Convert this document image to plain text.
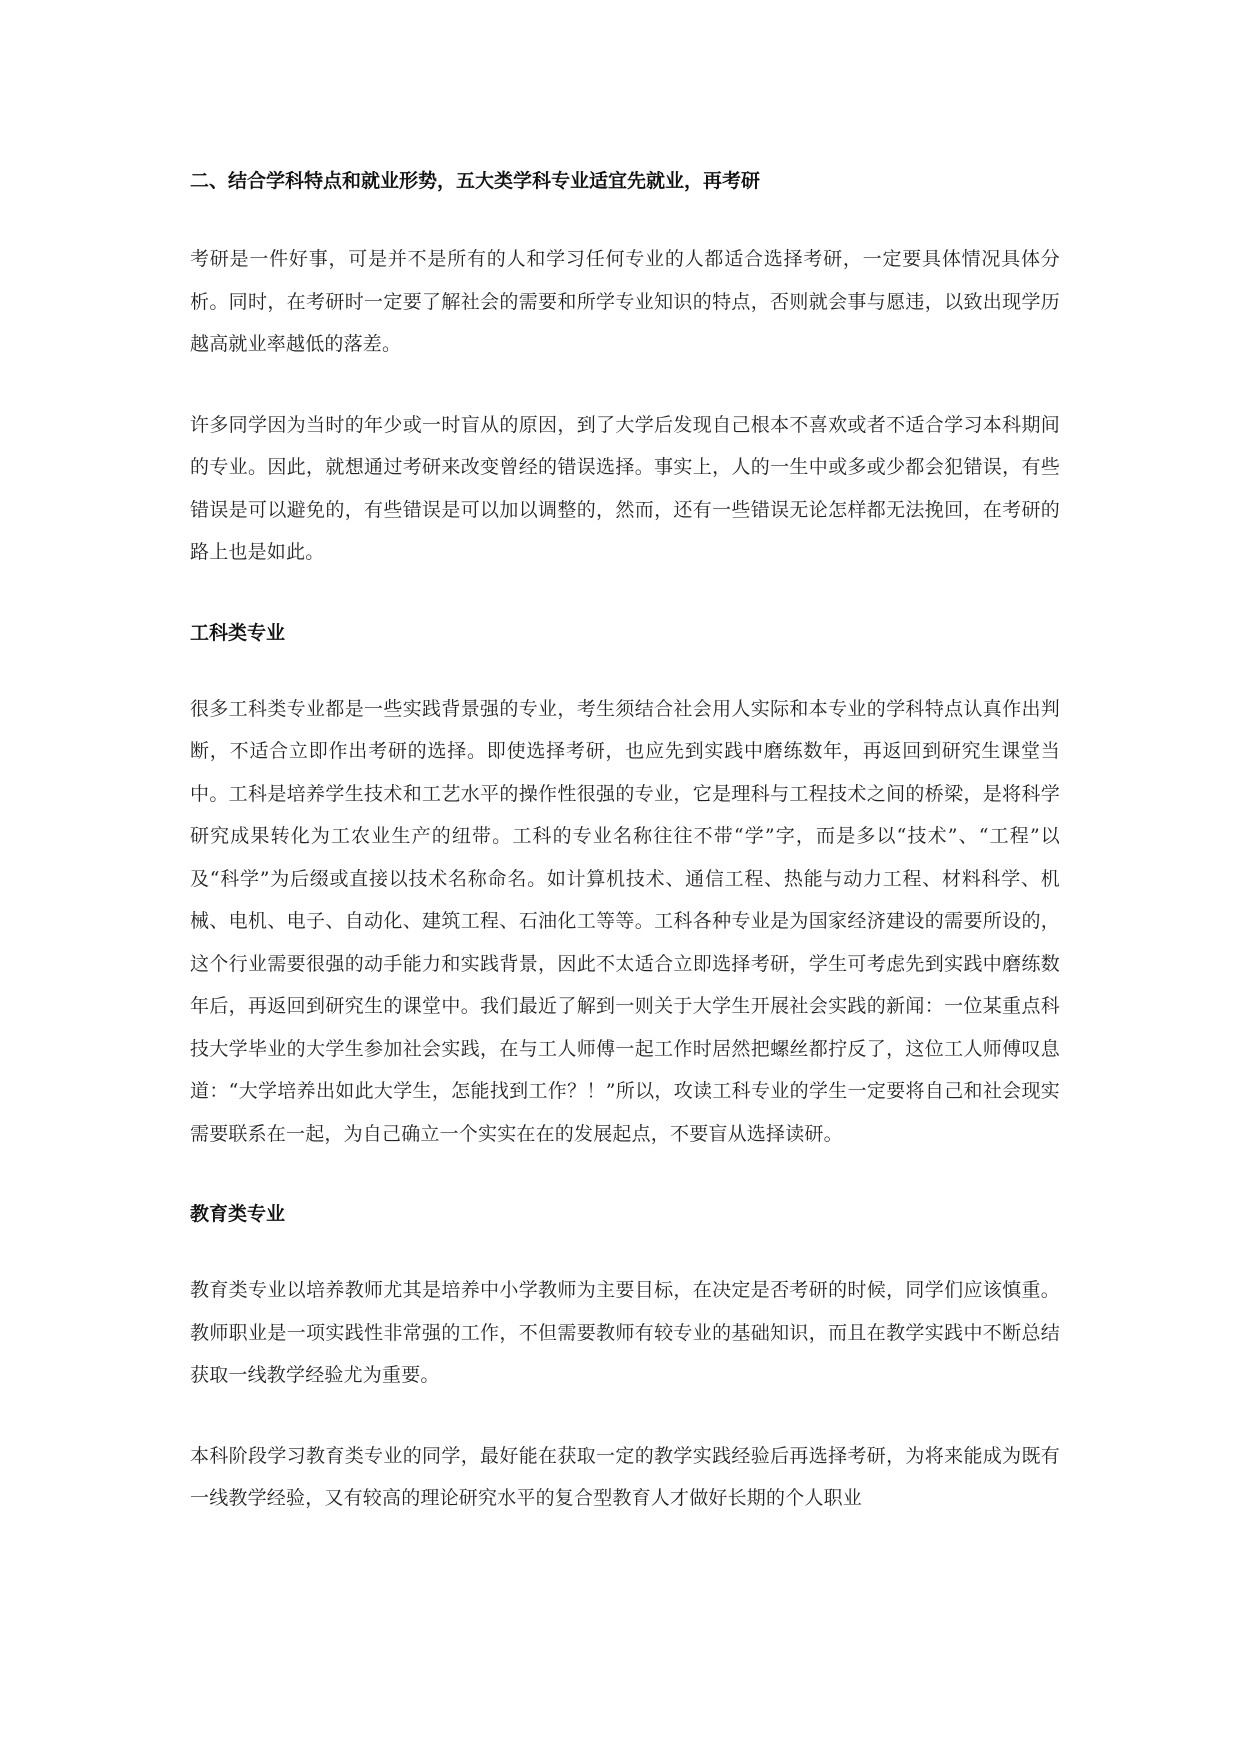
二、结合学科特点和就业形势，五大类学科专业适宜先就业，再考研

考研是一件好事，可是并不是所有的人和学习任何专业的人都适合选择考研，一定要具体情况具体分析。同时，在考研时一定要了解社会的需要和所学专业知识的特点，否则就会事与愿违，以致出现学历越高就业率越低的落差。

许多同学因为当时的年少或一时盲从的原因，到了大学后发现自己根本不喜欢或者不适合学习本科期间的专业。因此，就想通过考研来改变曾经的错误选择。事实上，人的一生中或多或少都会犯错误，有些错误是可以避免的，有些错误是可以加以调整的，然而，还有一些错误无论怎样都无法挽回，在考研的路上也是如此。

工科类专业

很多工科类专业都是一些实践背景强的专业，考生须结合社会用人实际和本专业的学科特点认真作出判断，不适合立即作出考研的选择。即使选择考研，也应先到实践中磨练数年，再返回到研究生课堂当中。工科是培养学生技术和工艺水平的操作性很强的专业，它是理科与工程技术之间的桥梁，是将科学研究成果转化为工农业生产的纽带。工科的专业名称往往不带“学”字，而是多以“技术”、“工程”以及“科学”为后缀或直接以技术名称命名。如计算机技术、通信工程、热能与动力工程、材料科学、机械、电机、电子、自动化、建筑工程、石油化工等等。工科各种专业是为国家经济建设的需要所设的，这个行业需要很强的动手能力和实践背景，因此不太适合立即选择考研，学生可考虑先到实践中磨练数年后，再返回到研究生的课堂中。我们最近了解到一则关于大学生开展社会实践的新闻：一位某重点科技大学毕业的大学生参加社会实践，在与工人师傅一起工作时居然把螺丝都拧反了，这位工人师傅叹息道：“大学培养出如此大学生，怎能找到工作？！”所以，攻读工科专业的学生一定要将自己和社会现实需要联系在一起，为自己确立一个实实在在的发展起点，不要盲从选择读研。

教育类专业

教育类专业以培养教师尤其是培养中小学教师为主要目标，在决定是否考研的时候，同学们应该慎重。教师职业是一项实践性非常强的工作，不但需要教师有较专业的基础知识，而且在教学实践中不断总结获取一线教学经验尤为重要。

本科阶段学习教育类专业的同学，最好能在获取一定的教学实践经验后再选择考研，为将来能成为既有一线教学经验，又有较高的理论研究水平的复合型教育人才做好长期的个人职业
